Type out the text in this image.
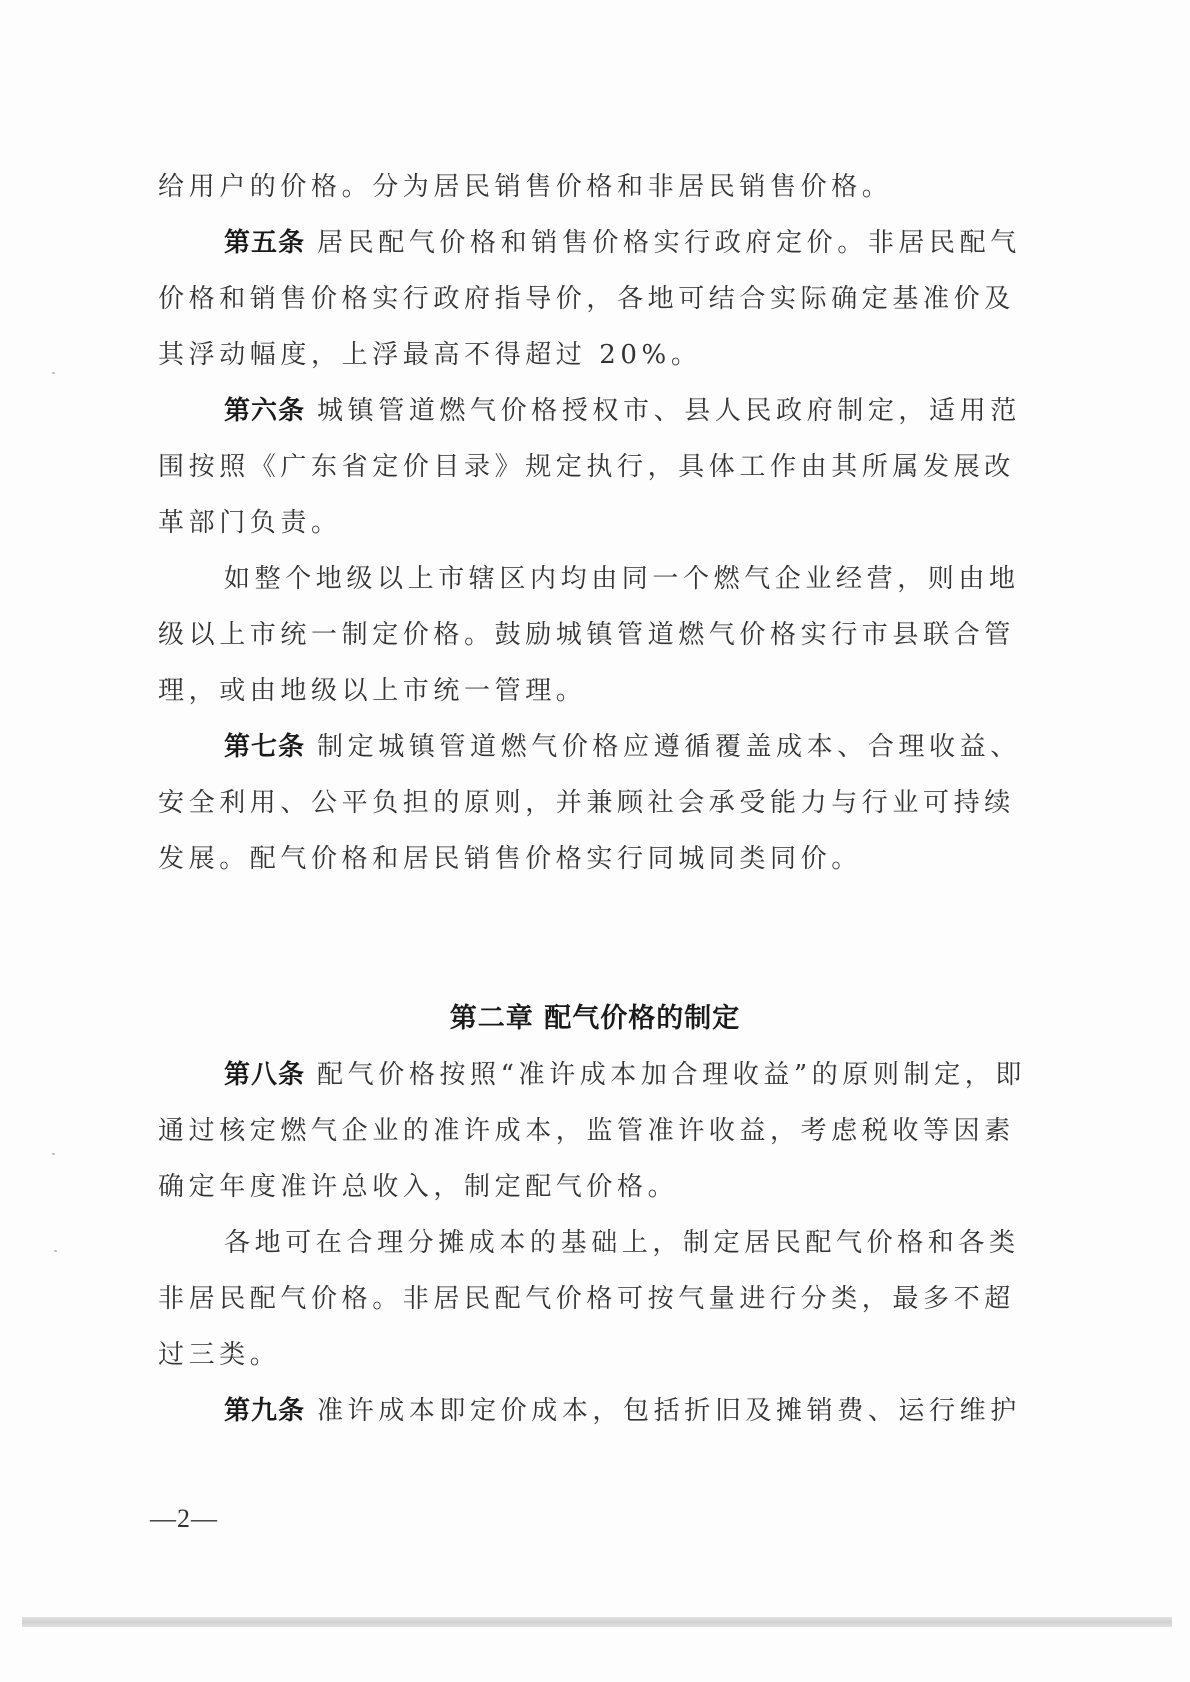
给用户的价格。分为居民销售价格和非居民销售价格。
第五条 居民配气价格和销售价格实行政府定价。非居民配气
价格和销售价格实行政府指导价，各地可结合实际确定基准价及
其浮动幅度，上浮最高不得超过 20%。
第六条 城镇管道燃气价格授权市、县人民政府制定，适用范
围按照《广东省定价目录》规定执行，具体工作由其所属发展改
革部门负责。
如整个地级以上市辖区内均由同一个燃气企业经营，则由地
级以上市统一制定价格。鼓励城镇管道燃气价格实行市县联合管
理，或由地级以上市统一管理。
第七条 制定城镇管道燃气价格应遵循覆盖成本、合理收益、
安全利用、公平负担的原则，并兼顾社会承受能力与行业可持续
发展。配气价格和居民销售价格实行同城同类同价。
第二章 配气价格的制定
第八条 配气价格按照“准许成本加合理收益”的原则制定，即
通过核定燃气企业的准许成本，监管准许收益，考虑税收等因素
确定年度准许总收入，制定配气价格。
各地可在合理分摊成本的基础上，制定居民配气价格和各类
非居民配气价格。非居民配气价格可按气量进行分类，最多不超
过三类。
第九条 准许成本即定价成本，包括折旧及摊销费、运行维护
—2—
